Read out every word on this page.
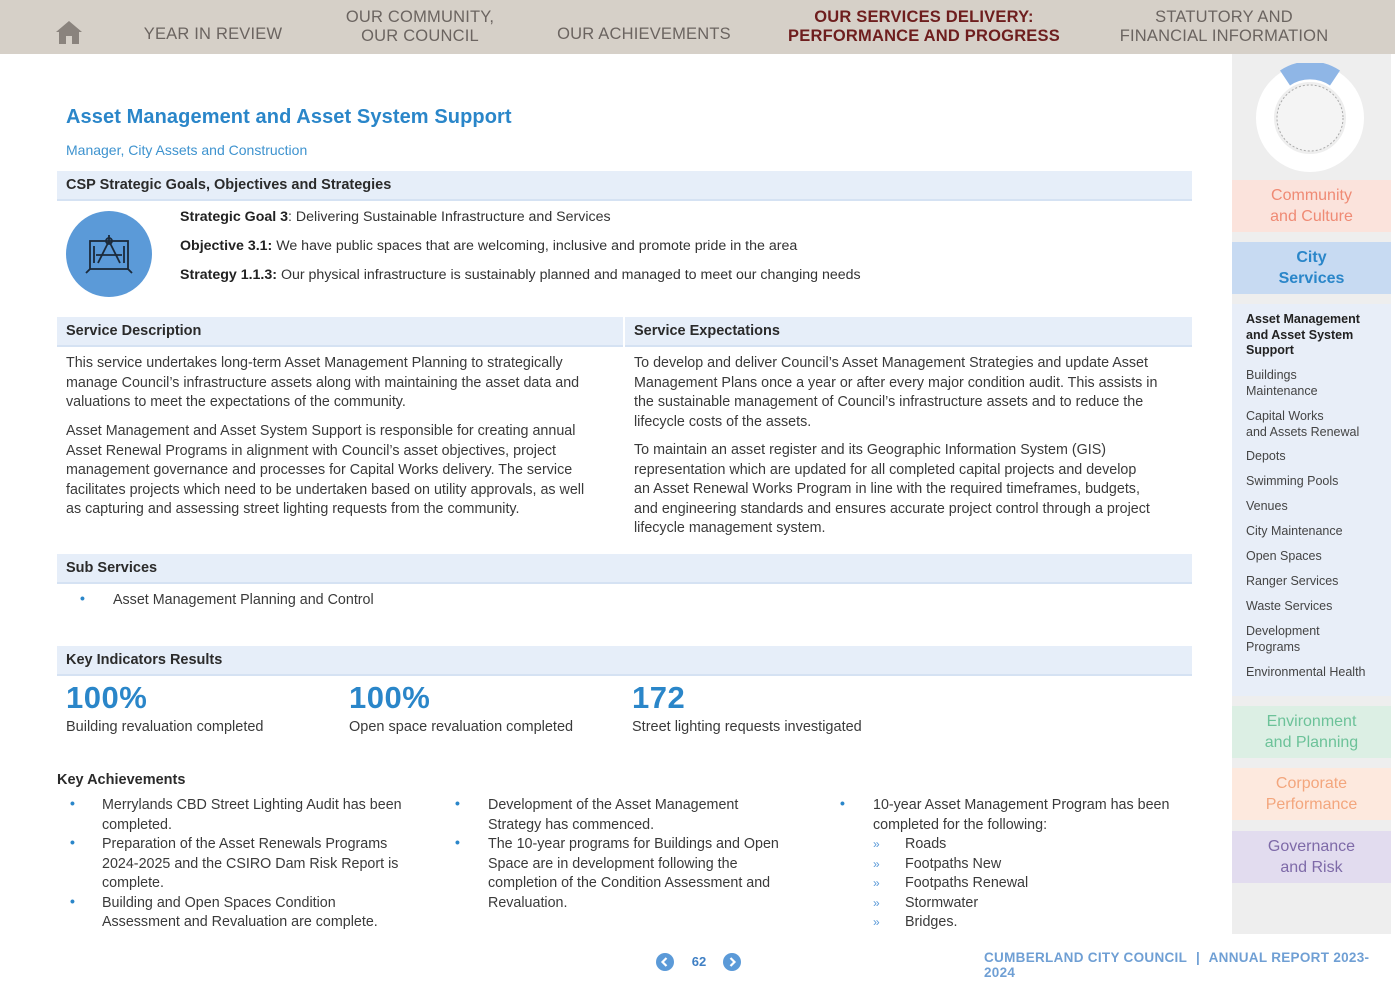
YEAR IN REVIEW
OUR COMMUNITY,
OUR COUNCIL	OUR ACHIEVEMENTS
OUR SERVICES DELIVERY:
PERFORMANCE AND PROGRESS
STATUTORY AND
FINANCIAL INFORMATION
Community
and Culture
City
Services
Asset Management
and Asset System
Support
Buildings
Maintenance
Capital Works
and Assets Renewal
Depots
Swimming Pools
Venues
City Maintenance
Open Spaces
Ranger Services
Waste Services
Development
Programs
Environmental Health
Environment
and Planning
Corporate
Performance
Governance
and Risk
Asset Management and Asset System Support
Manager, City Assets and Construction
CSP Strategic Goals, Objectives and Strategies
Strategic Goal 3: Delivering Sustainable Infrastructure and Services
Objective 3.1: We have public spaces that are welcoming, inclusive and promote pride in the area
Strategy 1.1.3: Our physical infrastructure is sustainably planned and managed to meet our changing needs
Service Description	Service Expectations
This service undertakes long-term Asset Management Planning to strategically
manage Council’s infrastructure assets along with maintaining the asset data and
valuations to meet the expectations of the community.
Asset Management and Asset System Support is responsible for creating annual
Asset Renewal Programs in alignment with Council’s asset objectives, project
management governance and processes for Capital Works delivery. The service
facilitates projects which need to be undertaken based on utility approvals, as well
as capturing and assessing street lighting requests from the community.
To develop and deliver Council’s Asset Management Strategies and update Asset
Management Plans once a year or after every major condition audit. This assists in
the sustainable management of Council’s infrastructure assets and to reduce the
lifecycle costs of the assets.
To maintain an asset register and its Geographic Information System (GIS)
representation which are updated for all completed capital projects and develop
an Asset Renewal Works Program in line with the required timeframes, budgets,
and engineering standards and ensures accurate project control through a project
lifecycle management system.
Sub Services
• Asset Management Planning and Control
Key Indicators Results
100%
Building revaluation completed
100%
Open space revaluation completed
172
Street lighting requests investigated
Key Achievements
• Merrylands CBD Street Lighting Audit has been
completed.
• Preparation of the Asset Renewals Programs
2024-2025 and the CSIRO Dam Risk Report is
complete.
• Building and Open Spaces Condition
Assessment and Revaluation are complete.
• Development of the Asset Management
Strategy has commenced.
• The 10-year programs for Buildings and Open
Space are in development following the
completion of the Condition Assessment and
Revaluation.
• 10-year Asset Management Program has been
completed for the following:
» Roads
» Footpaths New
» Footpaths Renewal
» Stormwater
» Bridges.
62	CUMBERLAND CITY COUNCIL | ANNUAL REPORT 2023-2024
